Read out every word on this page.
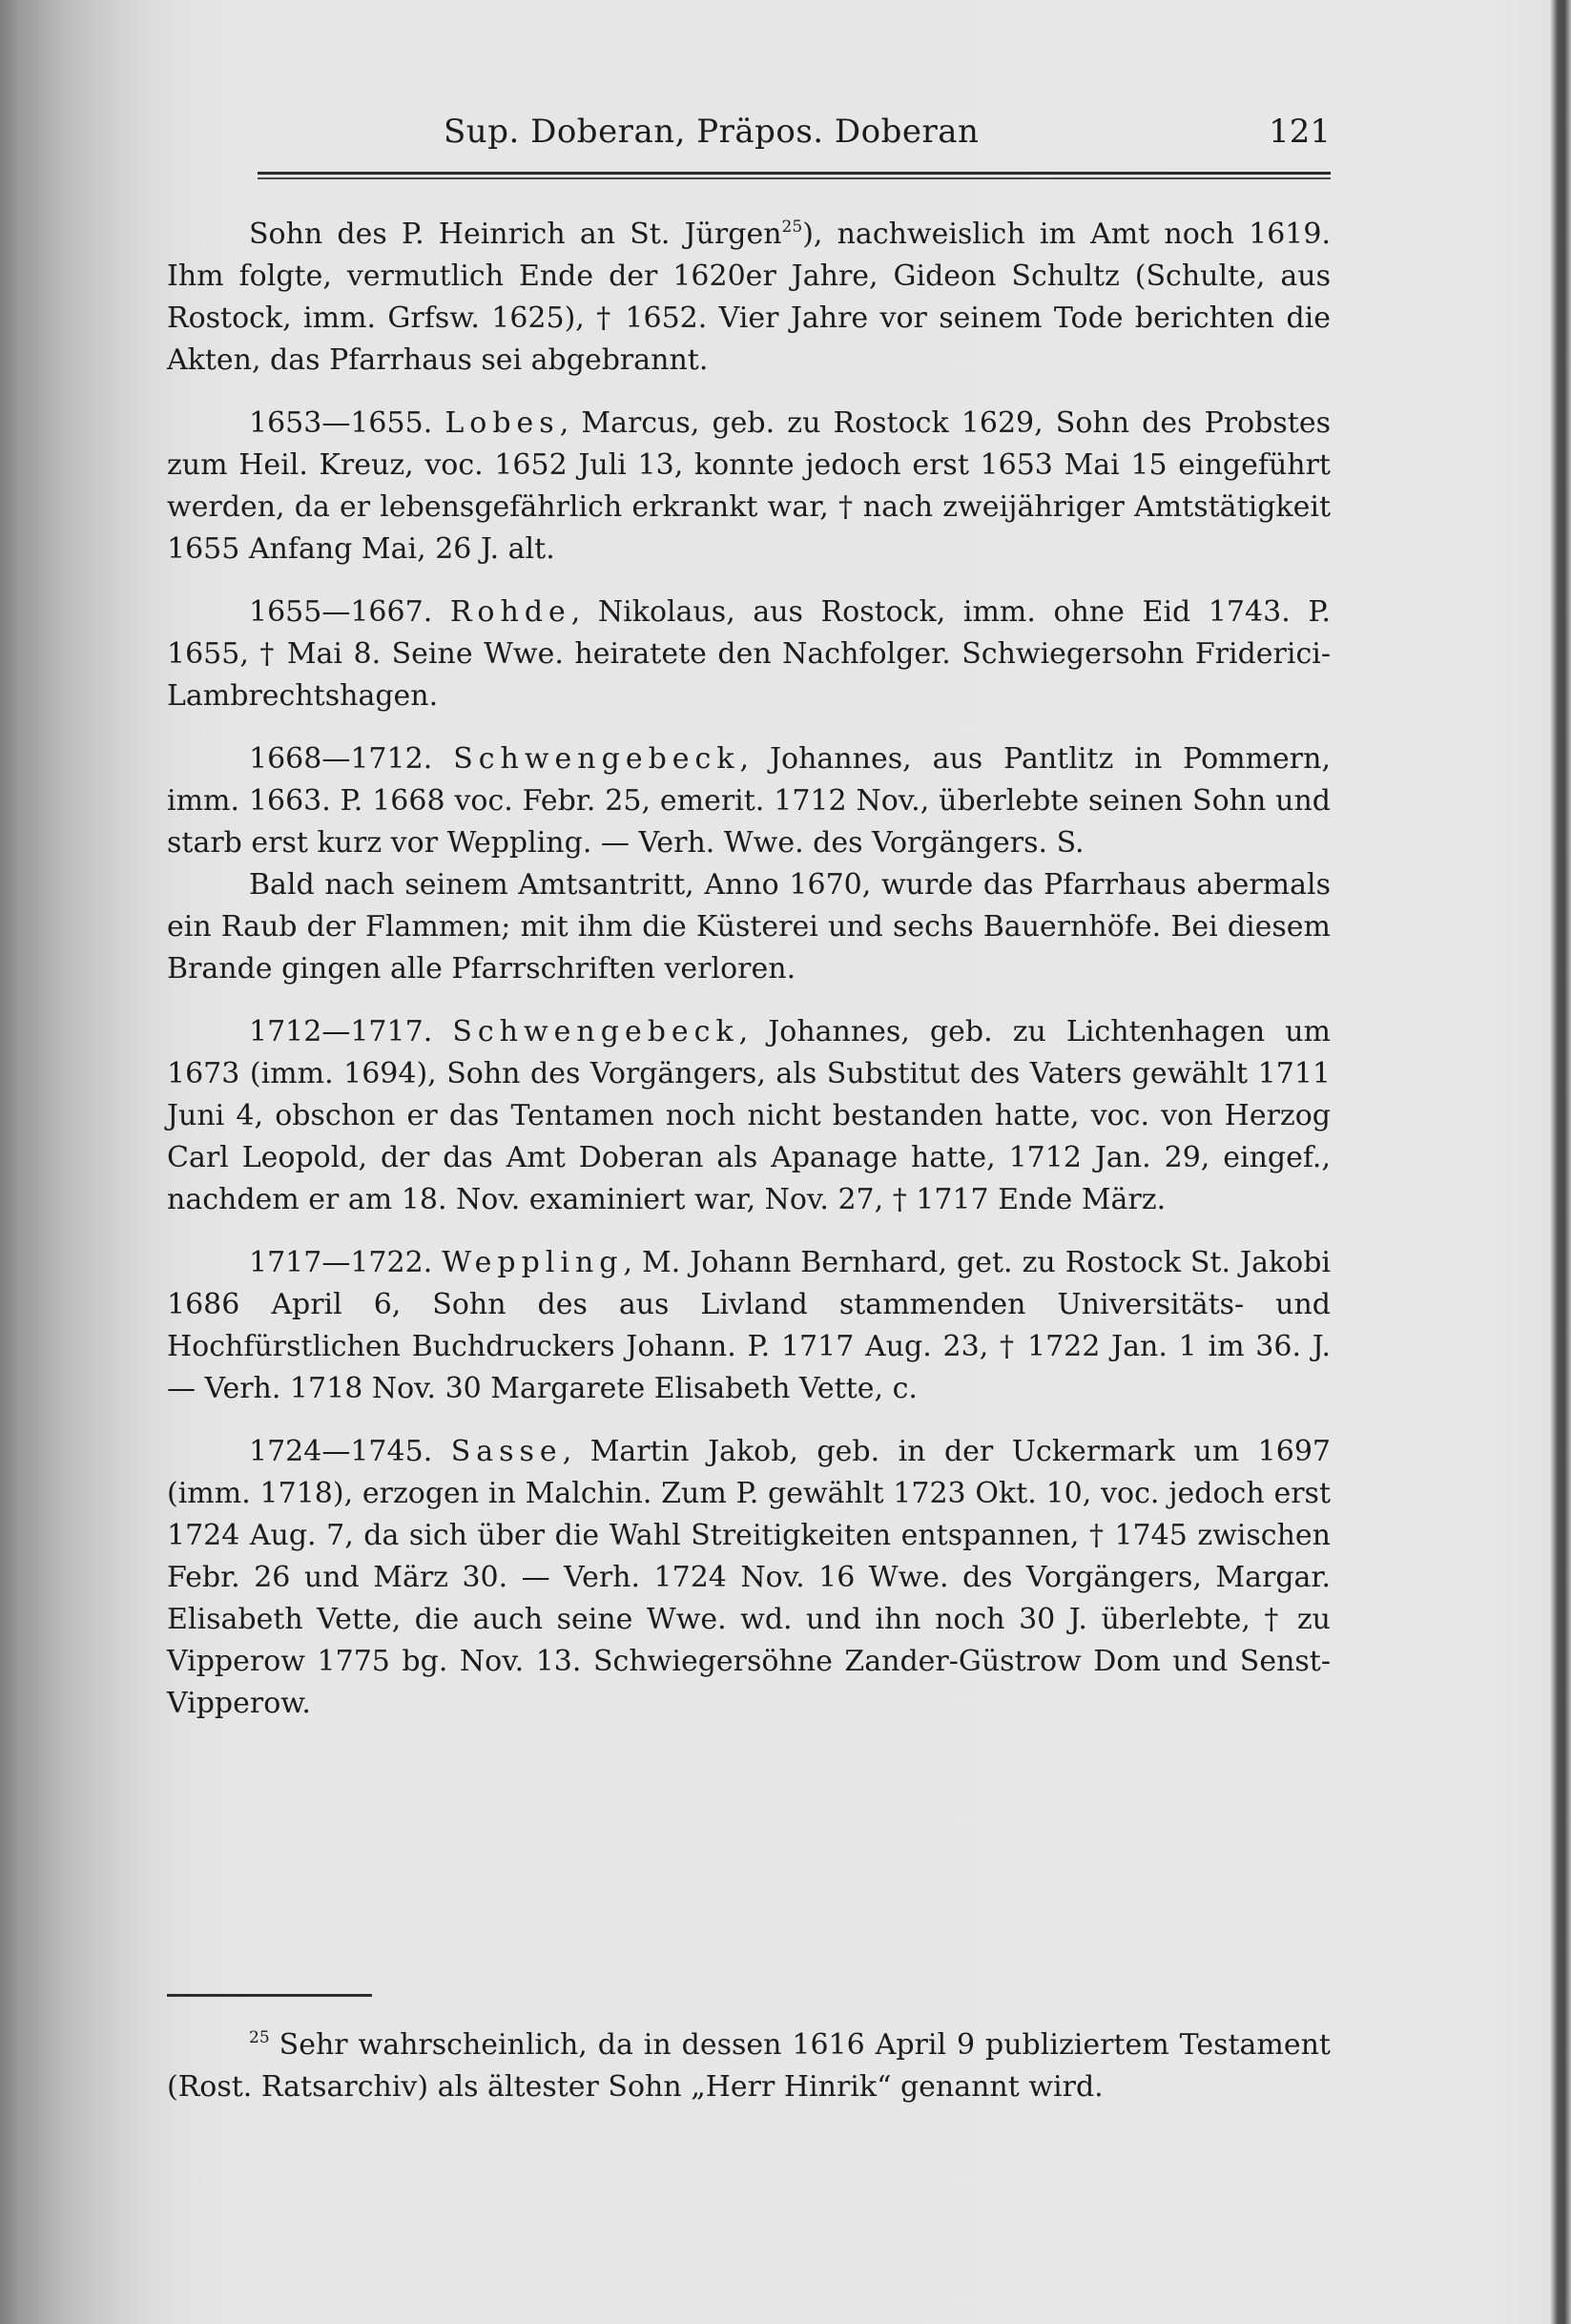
Sup. Doberan, Präpos. Doberan	121

Sohn des P. Heinrich an St. Jürgen$^{25}$), nachweislich im Amt noch 1619. Ihm folgte, vermutlich Ende der 1620er Jahre, Gideon Schultz (Schulte, aus Rostock, imm. Grfsw. 1625), † 1652. Vier Jahre vor seinem Tode berichten die Akten, das Pfarrhaus sei abgebrannt.

1653—1655. Lobes, Marcus, geb. zu Rostock 1629, Sohn des Probstes zum Heil. Kreuz, voc. 1652 Juli 13, konnte jedoch erst 1653 Mai 15 eingeführt werden, da er lebensgefährlich erkrankt war, † nach zweijähriger Amtstätigkeit 1655 Anfang Mai, 26 J. alt.

1655—1667. Rohde, Nikolaus, aus Rostock, imm. ohne Eid 1743. P. 1655, † Mai 8. Seine Wwe. heiratete den Nachfolger. Schwiegersohn Friderici-Lambrechtshagen.

1668—1712. Schwengebeck, Johannes, aus Pantlitz in Pommern, imm. 1663. P. 1668 voc. Febr. 25, emerit. 1712 Nov., überlebte seinen Sohn und starb erst kurz vor Weppling. — Verh. Wwe. des Vorgängers. S.

Bald nach seinem Amtsantritt, Anno 1670, wurde das Pfarrhaus abermals ein Raub der Flammen; mit ihm die Küsterei und sechs Bauernhöfe. Bei diesem Brande gingen alle Pfarrschriften verloren.

1712—1717. Schwengebeck, Johannes, geb. zu Lichtenhagen um 1673 (imm. 1694), Sohn des Vorgängers, als Substitut des Vaters gewählt 1711 Juni 4, obschon er das Tentamen noch nicht bestanden hatte, voc. von Herzog Carl Leopold, der das Amt Doberan als Apanage hatte, 1712 Jan. 29, eingef., nachdem er am 18. Nov. examiniert war, Nov. 27, † 1717 Ende März.

1717—1722. Weppling, M. Johann Bernhard, get. zu Rostock St. Jakobi 1686 April 6, Sohn des aus Livland stammenden Universitäts- und Hochfürstlichen Buchdruckers Johann. P. 1717 Aug. 23, † 1722 Jan. 1 im 36. J. — Verh. 1718 Nov. 30 Margarete Elisabeth Vette, c.

1724—1745. Sasse, Martin Jakob, geb. in der Uckermark um 1697 (imm. 1718), erzogen in Malchin. Zum P. gewählt 1723 Okt. 10, voc. jedoch erst 1724 Aug. 7, da sich über die Wahl Streitigkeiten entspannen, † 1745 zwischen Febr. 26 und März 30. — Verh. 1724 Nov. 16 Wwe. des Vorgängers, Margar. Elisabeth Vette, die auch seine Wwe. wd. und ihn noch 30 J. überlebte, † zu Vipperow 1775 bg. Nov. 13. Schwiegersöhne Zander-Güstrow Dom und Senst-Vipperow.

$^{25}$ Sehr wahrscheinlich, da in dessen 1616 April 9 publiziertem Testament (Rost. Ratsarchiv) als ältester Sohn „Herr Hinrik“ genannt wird.
